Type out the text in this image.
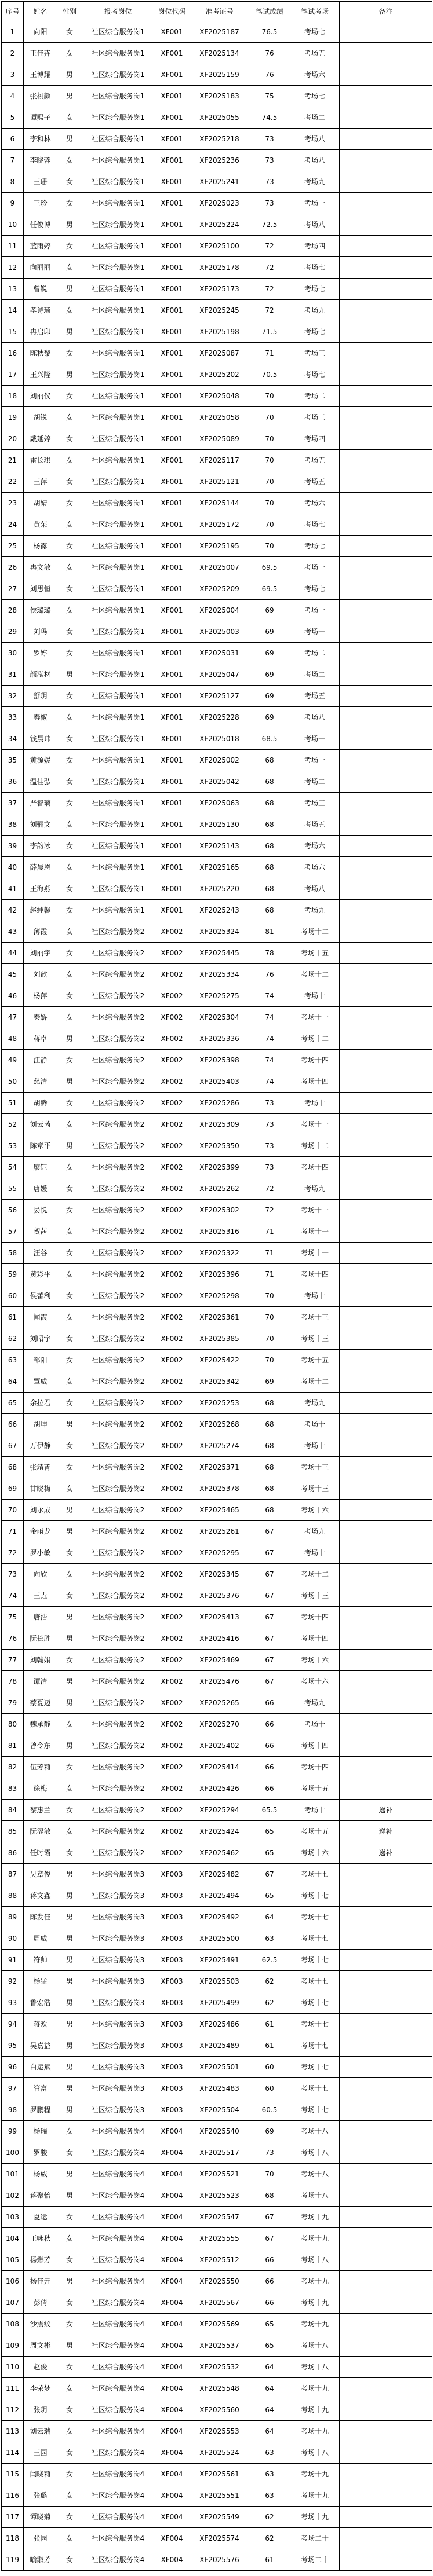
序号	姓名	性别	报考岗位	岗位代码	准考证号	笔试成绩	笔试考场	备注
1	向阳	女	社区综合服务岗1	XF001	XF2025187	76.5	考场七	
2	王佳卉	女	社区综合服务岗1	XF001	XF2025134	76	考场五	
3	王博耀	男	社区综合服务岗1	XF001	XF2025159	76	考场六	
4	张栩颜	男	社区综合服务岗1	XF001	XF2025183	75	考场七	
5	谭熙子	女	社区综合服务岗1	XF001	XF2025055	74.5	考场二	
6	李和林	男	社区综合服务岗1	XF001	XF2025218	73	考场八	
7	李晓蓉	女	社区综合服务岗1	XF001	XF2025236	73	考场八	
8	王珊	女	社区综合服务岗1	XF001	XF2025241	73	考场九	
9	王珍	女	社区综合服务岗1	XF001	XF2025023	73	考场一	
10	任俊博	男	社区综合服务岗1	XF001	XF2025224	72.5	考场八	
11	蓝雨婷	女	社区综合服务岗1	XF001	XF2025100	72	考场四	
12	向丽丽	女	社区综合服务岗1	XF001	XF2025178	72	考场七	
13	曾锐	男	社区综合服务岗1	XF001	XF2025173	72	考场七	
14	孝诗琦	女	社区综合服务岗1	XF001	XF2025245	72	考场九	
15	冉启印	男	社区综合服务岗1	XF001	XF2025198	71.5	考场七	
16	陈秋黎	女	社区综合服务岗1	XF001	XF2025087	71	考场三	
17	王兴隆	男	社区综合服务岗1	XF001	XF2025202	70.5	考场七	
18	刘丽仪	女	社区综合服务岗1	XF001	XF2025048	70	考场二	
19	胡锐	女	社区综合服务岗1	XF001	XF2025058	70	考场三	
20	戴延婷	女	社区综合服务岗1	XF001	XF2025089	70	考场四	
21	雷长琪	女	社区综合服务岗1	XF001	XF2025117	70	考场五	
22	王萍	女	社区综合服务岗1	XF001	XF2025121	70	考场五	
23	胡婧	女	社区综合服务岗1	XF001	XF2025144	70	考场六	
24	黄荣	女	社区综合服务岗1	XF001	XF2025172	70	考场七	
25	杨露	女	社区综合服务岗1	XF001	XF2025195	70	考场七	
26	冉文敏	女	社区综合服务岗1	XF001	XF2025007	69.5	考场一	
27	刘思恒	女	社区综合服务岗1	XF001	XF2025209	69.5	考场七	
28	侯璐璐	女	社区综合服务岗1	XF001	XF2025004	69	考场一	
29	刘玛	女	社区综合服务岗1	XF001	XF2025003	69	考场一	
30	罗婷	女	社区综合服务岗1	XF001	XF2025031	69	考场二	
31	颜泓材	男	社区综合服务岗1	XF001	XF2025047	69	考场二	
32	舒玥	女	社区综合服务岗1	XF001	XF2025127	69	考场五	
33	秦椒	女	社区综合服务岗1	XF001	XF2025228	69	考场八	
34	钱晨玮	女	社区综合服务岗1	XF001	XF2025018	68.5	考场一	
35	黄源媛	女	社区综合服务岗1	XF001	XF2025002	68	考场一	
36	温佳弘	女	社区综合服务岗1	XF001	XF2025042	68	考场二	
37	严智璃	女	社区综合服务岗1	XF001	XF2025063	68	考场三	
38	刘骊文	女	社区综合服务岗1	XF001	XF2025130	68	考场五	
39	李韵冰	女	社区综合服务岗1	XF001	XF2025143	68	考场六	
40	薛晨恩	女	社区综合服务岗1	XF001	XF2025165	68	考场六	
41	王海燕	女	社区综合服务岗1	XF001	XF2025220	68	考场八	
42	赵纯馨	女	社区综合服务岗1	XF001	XF2025243	68	考场九	
43	薄霞	女	社区综合服务岗2	XF002	XF2025324	81	考场十二	
44	刘丽宇	女	社区综合服务岗2	XF002	XF2025445	78	考场十五	
45	刘歆	女	社区综合服务岗2	XF002	XF2025334	76	考场十二	
46	杨萍	女	社区综合服务岗2	XF002	XF2025275	74	考场十	
47	秦娇	女	社区综合服务岗2	XF002	XF2025304	74	考场十一	
48	蒋卓	男	社区综合服务岗2	XF002	XF2025336	74	考场十二	
49	汪静	女	社区综合服务岗2	XF002	XF2025398	74	考场十四	
50	慈清	男	社区综合服务岗2	XF002	XF2025403	74	考场十四	
51	胡腾	女	社区综合服务岗2	XF002	XF2025286	73	考场十	
52	刘云芮	女	社区综合服务岗2	XF002	XF2025309	73	考场十一	
53	陈章平	男	社区综合服务岗2	XF002	XF2025350	73	考场十二	
54	廖钰	女	社区综合服务岗2	XF002	XF2025399	73	考场十四	
55	唐媛	女	社区综合服务岗2	XF002	XF2025262	72	考场九	
56	晏悦	女	社区综合服务岗2	XF002	XF2025302	72	考场十一	
57	贺茜	女	社区综合服务岗2	XF002	XF2025316	71	考场十一	
58	汪谷	女	社区综合服务岗2	XF002	XF2025322	71	考场十一	
59	黄彩平	女	社区综合服务岗2	XF002	XF2025396	71	考场十四	
60	侯蕾利	女	社区综合服务岗2	XF002	XF2025298	70	考场十	
61	闻霞	女	社区综合服务岗2	XF002	XF2025361	70	考场十三	
62	刘昭宇	女	社区综合服务岗2	XF002	XF2025385	70	考场十三	
63	邹阳	女	社区综合服务岗2	XF002	XF2025422	70	考场十五	
64	覃威	女	社区综合服务岗2	XF002	XF2025342	69	考场十二	
65	余拉君	女	社区综合服务岗2	XF002	XF2025253	68	考场九	
66	胡坤	男	社区综合服务岗2	XF002	XF2025268	68	考场十	
67	万伊静	女	社区综合服务岗2	XF002	XF2025274	68	考场十	
68	张靖菁	女	社区综合服务岗2	XF002	XF2025371	68	考场十三	
69	甘晓梅	女	社区综合服务岗2	XF002	XF2025378	68	考场十三	
70	刘永成	男	社区综合服务岗2	XF002	XF2025465	68	考场十六	
71	金雨龙	男	社区综合服务岗2	XF002	XF2025261	67	考场九	
72	罗小敏	女	社区综合服务岗2	XF002	XF2025295	67	考场十	
73	向欣	女	社区综合服务岗2	XF002	XF2025345	67	考场十二	
74	王垚	女	社区综合服务岗2	XF002	XF2025376	67	考场十三	
75	唐浩	男	社区综合服务岗2	XF002	XF2025413	67	考场十四	
76	阮长胜	男	社区综合服务岗2	XF002	XF2025416	67	考场十四	
77	刘翰娟	女	社区综合服务岗2	XF002	XF2025469	67	考场十六	
78	谭清	男	社区综合服务岗2	XF002	XF2025476	67	考场十六	
79	蔡夏迈	男	社区综合服务岗2	XF002	XF2025265	66	考场九	
80	魏承静	女	社区综合服务岗2	XF002	XF2025270	66	考场十	
81	曾令东	男	社区综合服务岗2	XF002	XF2025402	66	考场十四	
82	伍芳莉	女	社区综合服务岗2	XF002	XF2025414	66	考场十四	
83	徐梅	女	社区综合服务岗2	XF002	XF2025426	66	考场十五	
84	黎惠兰	女	社区综合服务岗2	XF002	XF2025294	65.5	考场十	递补
85	阮涩敏	女	社区综合服务岗2	XF002	XF2025424	65	考场十五	递补
86	任时霞	女	社区综合服务岗2	XF002	XF2025462	65	考场十六	递补
87	吴章俊	男	社区综合服务岗3	XF003	XF2025482	67	考场十七	
88	蒋文鑫	男	社区综合服务岗3	XF003	XF2025494	65	考场十七	
89	陈发佳	男	社区综合服务岗3	XF003	XF2025492	64	考场十七	
90	周威	男	社区综合服务岗3	XF003	XF2025500	63	考场十七	
91	符帅	男	社区综合服务岗3	XF003	XF2025491	62.5	考场十七	
92	杨猛	男	社区综合服务岗3	XF003	XF2025503	62	考场十七	
93	鲁宏浩	男	社区综合服务岗3	XF003	XF2025499	62	考场十七	
94	蒋欢	男	社区综合服务岗3	XF003	XF2025486	61	考场十七	
95	吴嘉益	男	社区综合服务岗3	XF003	XF2025489	61	考场十七	
96	白运斌	男	社区综合服务岗3	XF003	XF2025501	60	考场十七	
97	管富	男	社区综合服务岗3	XF003	XF2025483	60	考场十七	
98	罗鹏程	男	社区综合服务岗3	XF003	XF2025504	60.5	考场十七	
99	杨瑞	女	社区综合服务岗4	XF004	XF2025540	69	考场十八	
100	罗骏	女	社区综合服务岗4	XF004	XF2025517	73	考场十八	
101	杨威	男	社区综合服务岗4	XF004	XF2025521	70	考场十八	
102	蒋聚怡	男	社区综合服务岗4	XF004	XF2025523	68	考场十八	
103	夏运	女	社区综合服务岗4	XF004	XF2025547	67	考场十九	
104	王咏秋	女	社区综合服务岗4	XF004	XF2025555	67	考场十九	
105	杨燃芳	女	社区综合服务岗4	XF004	XF2025512	66	考场十八	
106	杨佳元	男	社区综合服务岗4	XF004	XF2025550	66	考场十九	
107	彭倩	女	社区综合服务岗4	XF004	XF2025567	66	考场十九	
108	沙震纹	女	社区综合服务岗4	XF004	XF2025569	65	考场十九	
109	周文彬	男	社区综合服务岗4	XF004	XF2025537	65	考场十八	
110	赵俊	女	社区综合服务岗4	XF004	XF2025532	64	考场十八	
111	李荣梦	女	社区综合服务岗4	XF004	XF2025548	64	考场十九	
112	张玥	女	社区综合服务岗4	XF004	XF2025560	64	考场十九	
113	刘云瑞	女	社区综合服务岗4	XF004	XF2025553	64	考场十九	
114	王园	女	社区综合服务岗4	XF004	XF2025524	63	考场十八	
115	闫晓莉	女	社区综合服务岗4	XF004	XF2025561	63	考场十九	
116	张璐	女	社区综合服务岗4	XF004	XF2025551	63	考场十九	
117	谭晓菊	女	社区综合服务岗4	XF004	XF2025549	62	考场十九	
118	张园	女	社区综合服务岗4	XF004	XF2025574	62	考场二十	
119	喻淑芳	女	社区综合服务岗4	XF004	XF2025576	61	考场二十	
